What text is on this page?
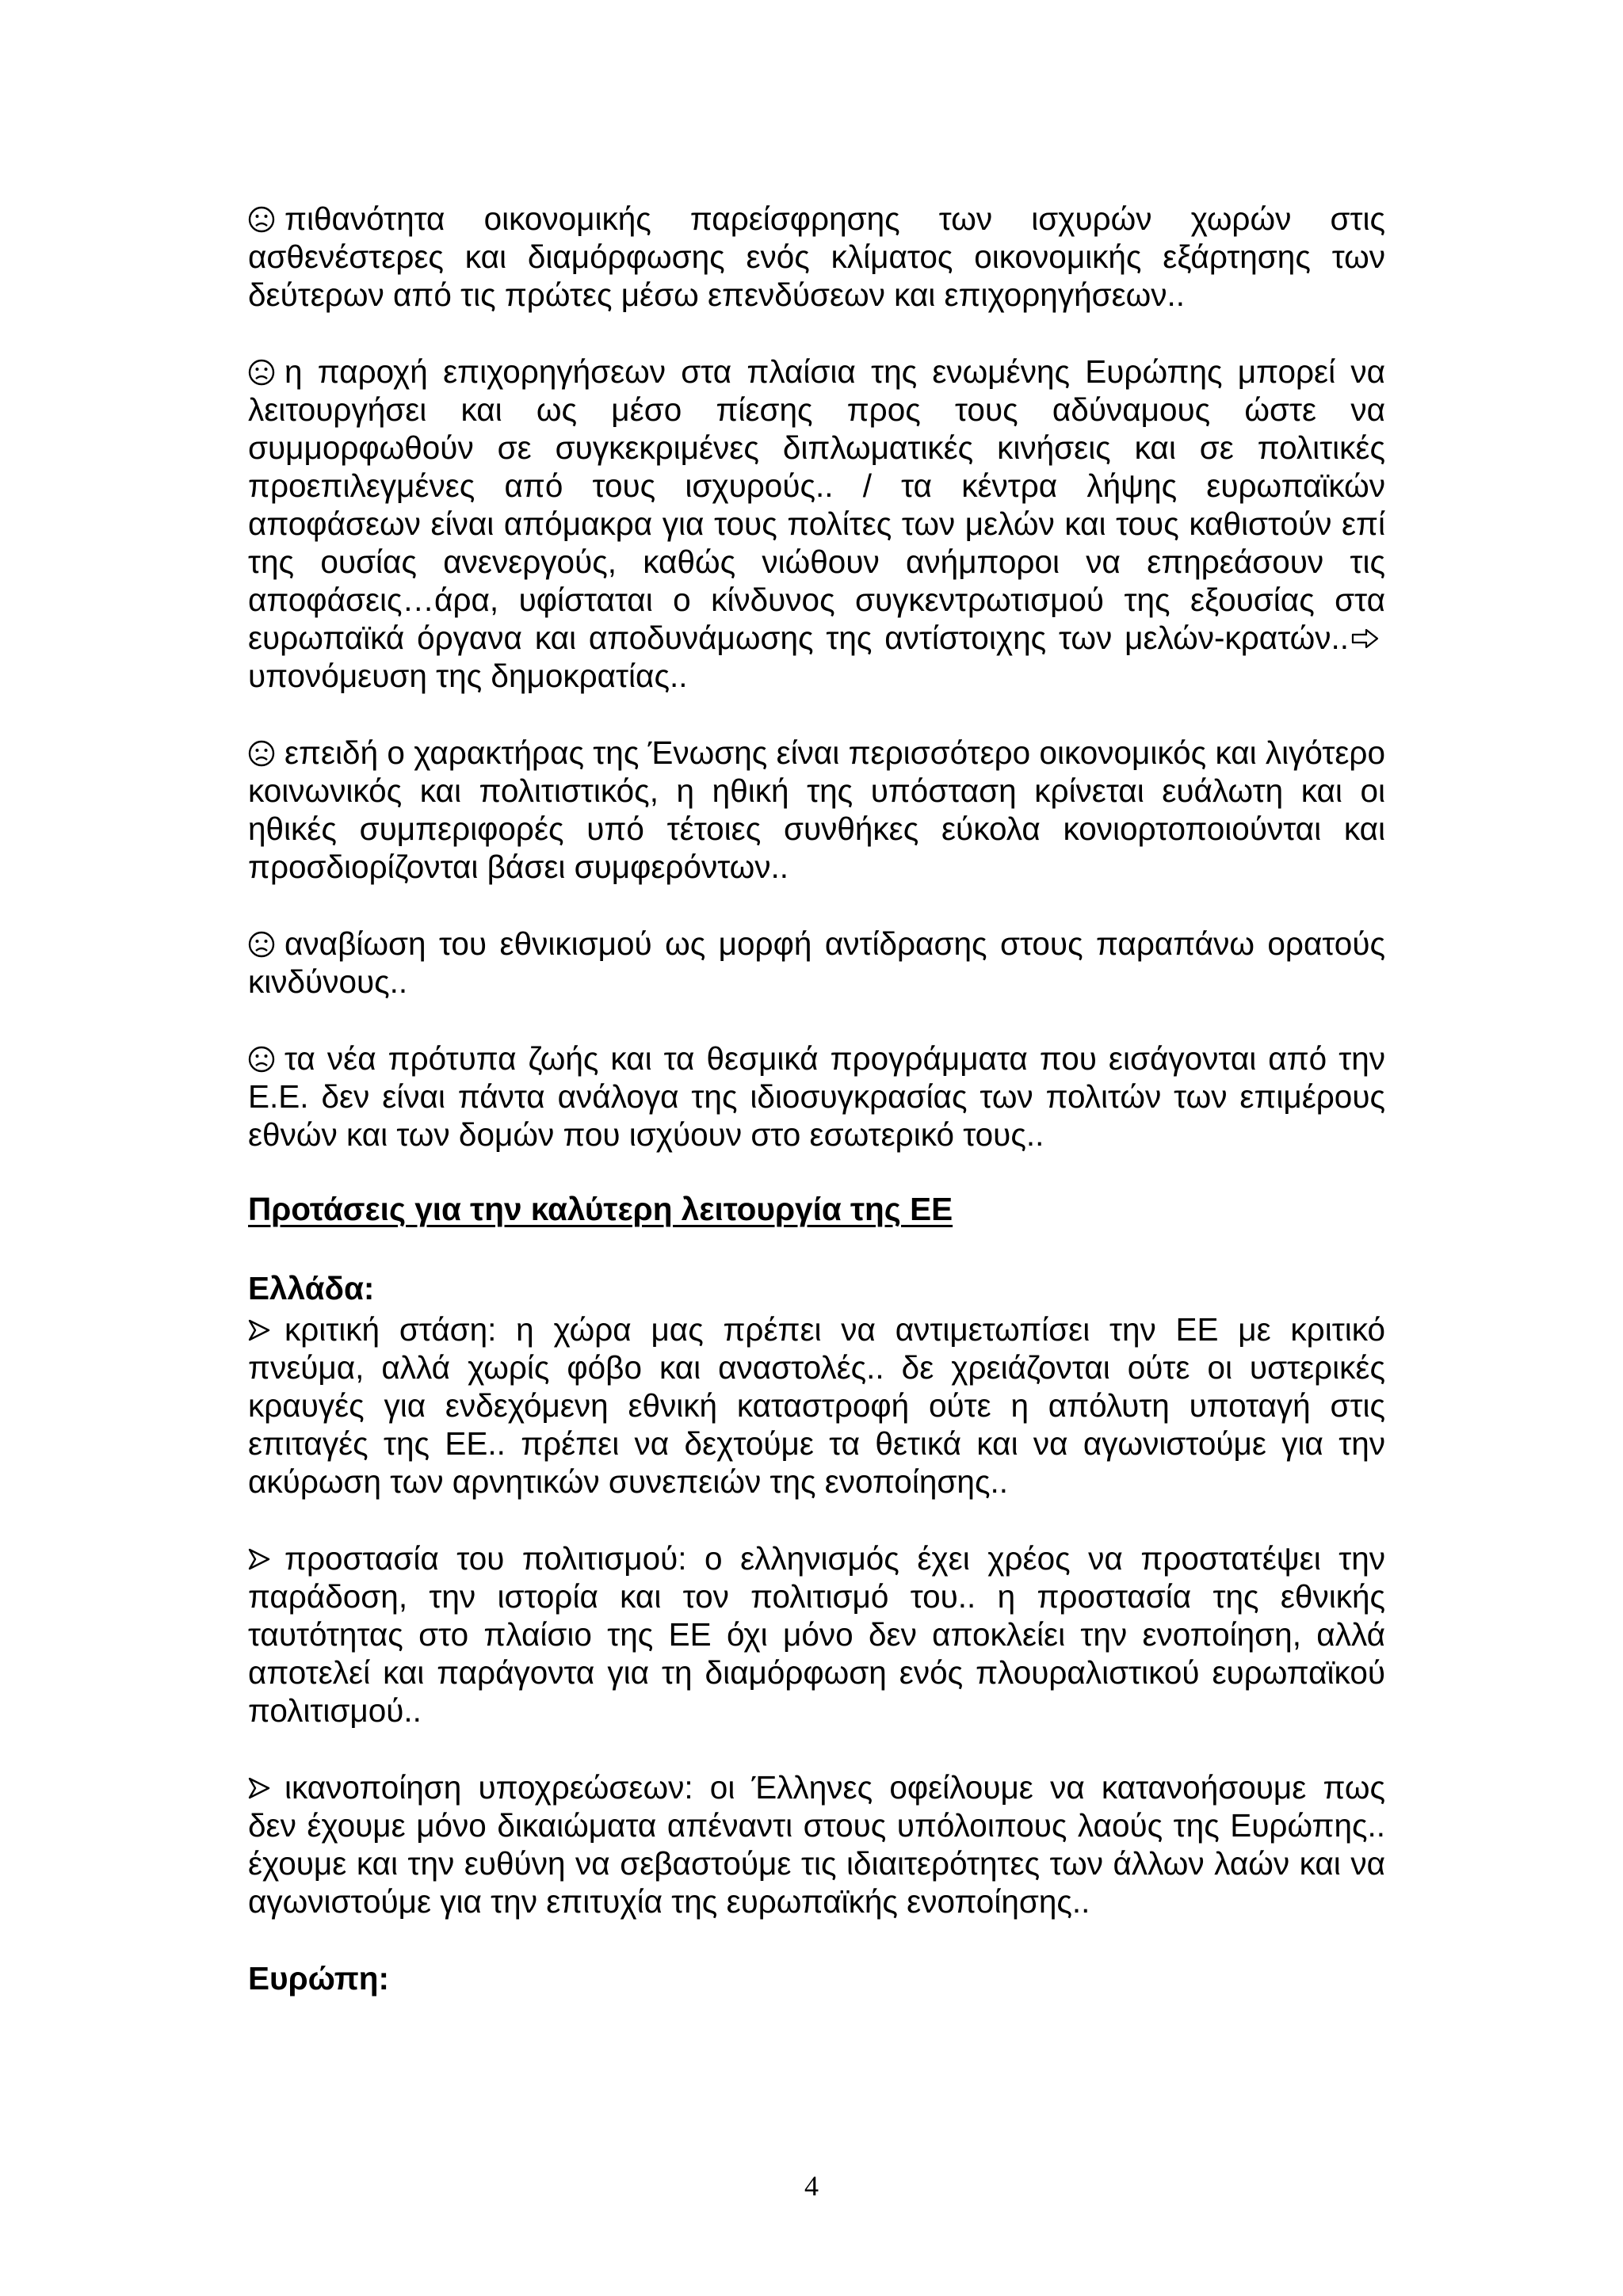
πιθανότητα οικονομικής παρείσφρησης των ισχυρών χωρών στις ασθενέστερες και διαμόρφωσης ενός κλίματος οικονομικής εξάρτησης των δεύτερων από τις πρώτες μέσω επενδύσεων και επιχορηγήσεων..

η παροχή επιχορηγήσεων στα πλαίσια της ενωμένης Ευρώπης μπορεί να λειτουργήσει και ως μέσο πίεσης προς τους αδύναμους ώστε να συμμορφωθούν σε συγκεκριμένες διπλωματικές κινήσεις και σε πολιτικές προεπιλεγμένες από τους ισχυρούς.. / τα κέντρα λήψης ευρωπαϊκών αποφάσεων είναι απόμακρα για τους πολίτες των μελών και τους καθιστούν επί της ουσίας ανενεργούς, καθώς νιώθουν ανήμποροι να επηρεάσουν τις αποφάσεις…άρα, υφίσταται ο κίνδυνος συγκεντρωτισμού της εξουσίας στα ευρωπαϊκά όργανα και αποδυνάμωσης της αντίστοιχης των μελών-κρατών..
υπονόμευση της δημοκρατίας..

επειδή ο χαρακτήρας της Ένωσης είναι περισσότερο οικονομικός και λιγότερο κοινωνικός και πολιτιστικός, η ηθική της υπόσταση κρίνεται ευάλωτη και οι ηθικές συμπεριφορές υπό τέτοιες συνθήκες εύκολα κονιορτοποιούνται και προσδιορίζονται βάσει συμφερόντων..

αναβίωση του εθνικισμού ως μορφή αντίδρασης στους παραπάνω ορατούς κινδύνους..

τα νέα πρότυπα ζωής και τα θεσμικά προγράμματα που εισάγονται από την Ε.Ε. δεν είναι πάντα ανάλογα της ιδιοσυγκρασίας των πολιτών των επιμέρους εθνών και των δομών που ισχύουν στο εσωτερικό τους..

Προτάσεις για την καλύτερη λειτουργία της ΕΕ

Ελλάδα:

κριτική στάση: η χώρα μας πρέπει να αντιμετωπίσει την ΕΕ με κριτικό πνεύμα, αλλά χωρίς φόβο και αναστολές.. δε χρειάζονται ούτε οι υστερικές κραυγές για ενδεχόμενη εθνική καταστροφή ούτε η απόλυτη υποταγή στις επιταγές της ΕΕ.. πρέπει να δεχτούμε τα θετικά και να αγωνιστούμε για την ακύρωση των αρνητικών συνεπειών της ενοποίησης..

προστασία του πολιτισμού: ο ελληνισμός έχει χρέος να προστατέψει την παράδοση, την ιστορία και τον πολιτισμό του.. η προστασία της εθνικής ταυτότητας στο πλαίσιο της ΕΕ όχι μόνο δεν αποκλείει την ενοποίηση, αλλά αποτελεί και παράγοντα για τη διαμόρφωση ενός πλουραλιστικού ευρωπαϊκού πολιτισμού..

ικανοποίηση υποχρεώσεων: οι Έλληνες οφείλουμε να κατανοήσουμε πως δεν έχουμε μόνο δικαιώματα απέναντι στους υπόλοιπους λαούς της Ευρώπης.. έχουμε και την ευθύνη να σεβαστούμε τις ιδιαιτερότητες των άλλων λαών και να αγωνιστούμε για την επιτυχία της ευρωπαϊκής ενοποίησης..

Ευρώπη:

4
